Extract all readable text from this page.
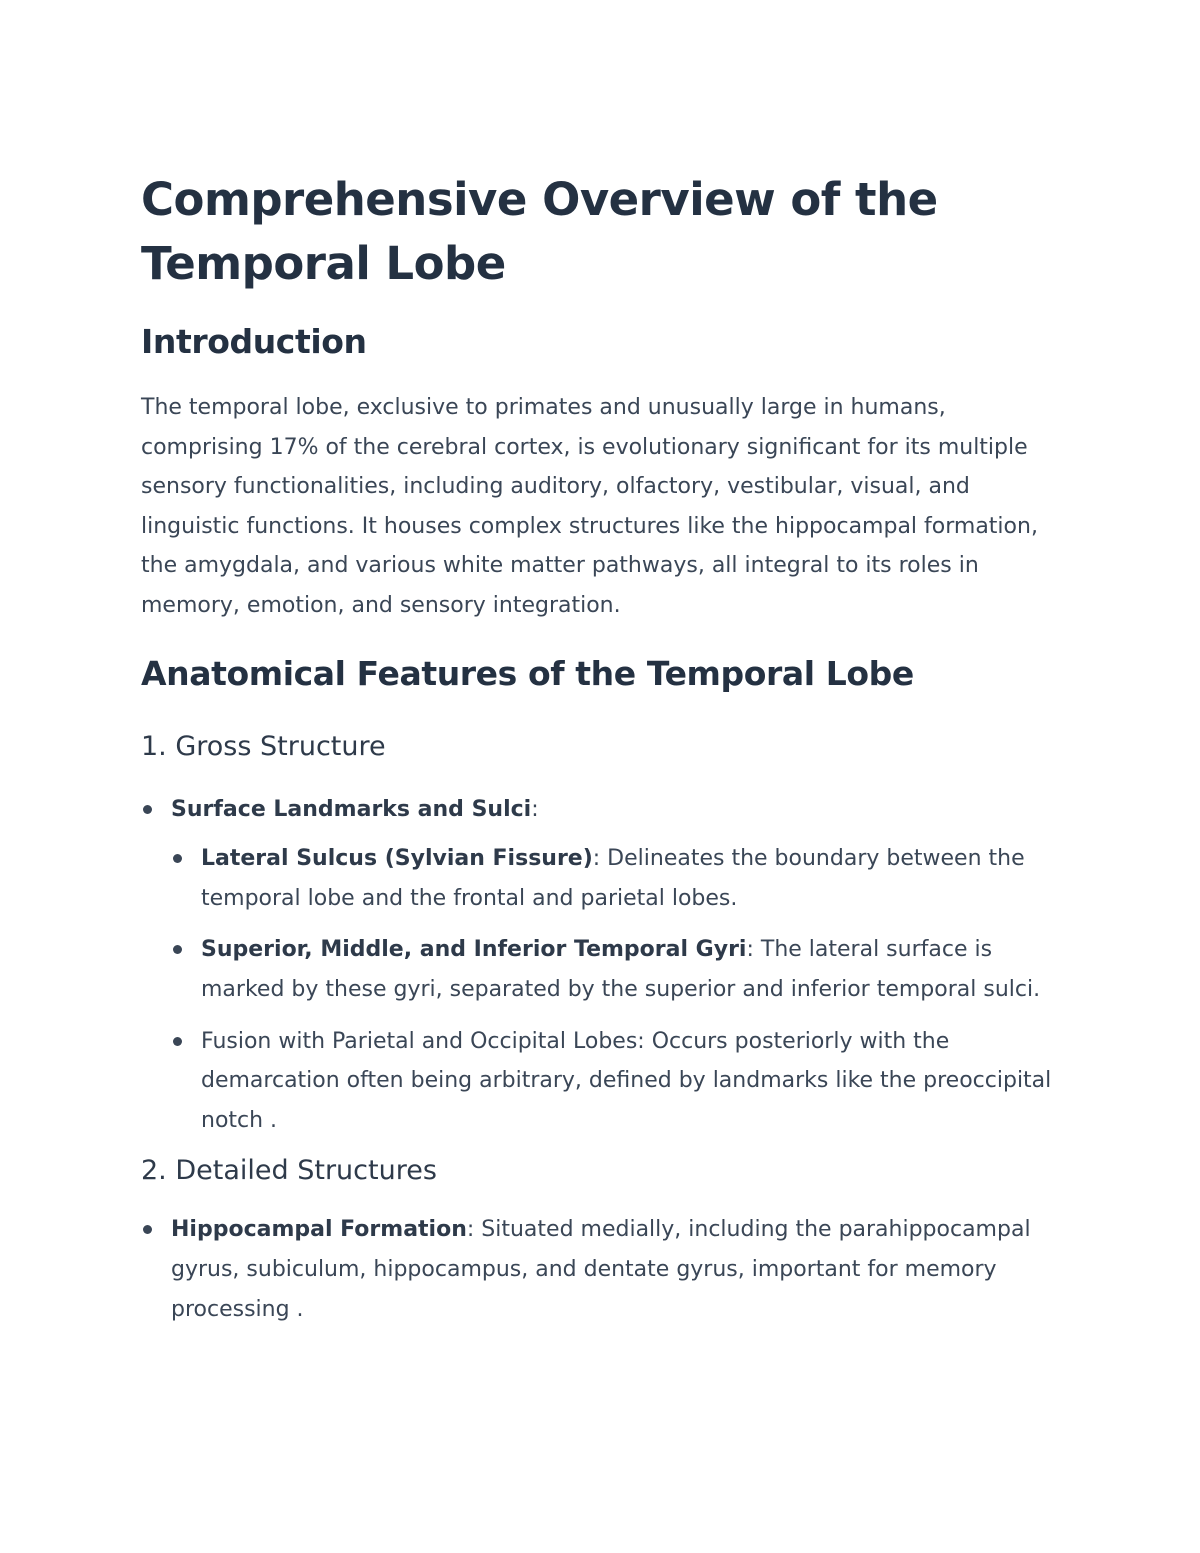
Comprehensive Overview of the Temporal Lobe
Introduction

The temporal lobe, exclusive to primates and unusually large in humans, comprising 17% of the cerebral cortex, is evolutionary significant for its multiple sensory functionalities, including auditory, olfactory, vestibular, visual, and linguistic functions. It houses complex structures like the hippocampal formation, the amygdala, and various white matter pathways, all integral to its roles in memory, emotion, and sensory integration.

Anatomical Features of the Temporal Lobe
1. Gross Structure
Surface Landmarks and Sulci:
Lateral Sulcus (Sylvian Fissure): Delineates the boundary between the temporal lobe and the frontal and parietal lobes.
Superior, Middle, and Inferior Temporal Gyri: The lateral surface is marked by these gyri, separated by the superior and inferior temporal sulci.
Fusion with Parietal and Occipital Lobes: Occurs posteriorly with the demarcation often being arbitrary, defined by landmarks like the preoccipital notch .
2. Detailed Structures
Hippocampal Formation: Situated medially, including the parahippocampal gyrus, subiculum, hippocampus, and dentate gyrus, important for memory processing .
